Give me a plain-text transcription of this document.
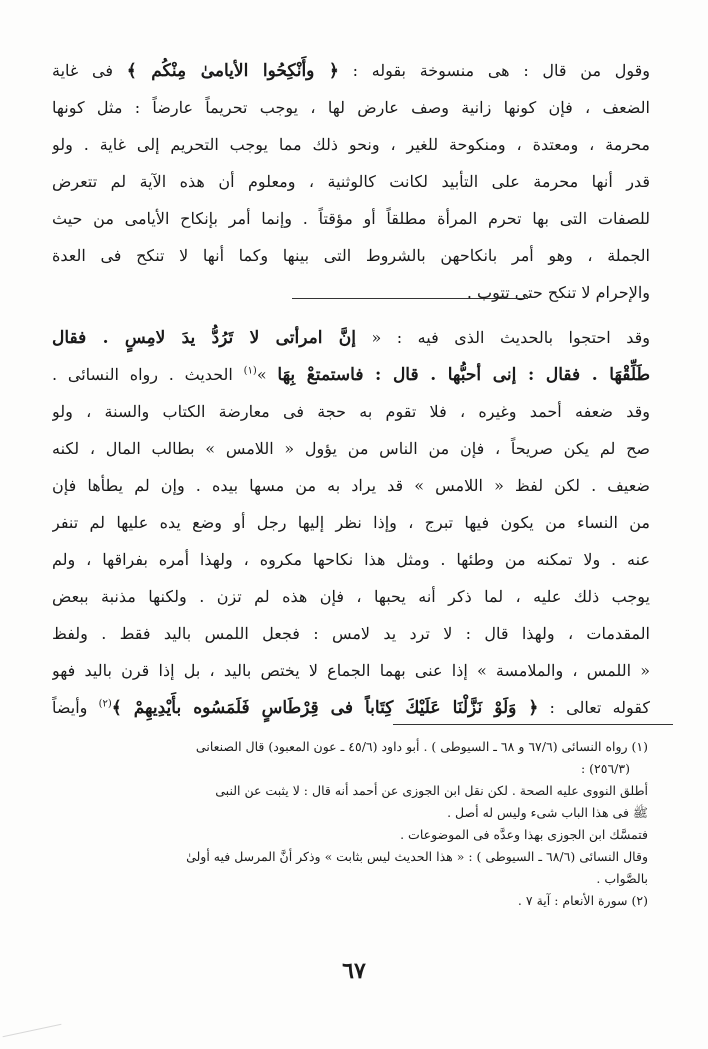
وقول من قال : هى منسوخة بقوله : ﴿ وأَنْكِحُوا الأيامىٰ مِنْكُم ﴾ فى غاية
الضعف ، فإن كونها زانية وصف عارض لها ، يوجب تحريماً عارضاً : مثل كونها
محرمة ، ومعتدة ، ومنكوحة للغير ، ونحو ذلك مما يوجب التحريم إلى غاية . ولو
قدر أنها محرمة على التأبيد لكانت كالوثنية ، ومعلوم أن هذه الآية لم تتعرض
للصفات التى بها تحرم المرأة مطلقاً أو مؤقتاً . وإنما أمر بإنكاح الأيامى من حيث
الجملة ، وهو أمر بانكاحهن بالشروط التى بينها وكما أنها لا تنكح فى العدة
والإحرام لا تنكح حتى تتوب .
وقد احتجوا بالحديث الذى فيه : « إنَّ امرأتى لا تَرُدُّ يدَ لامِسٍ . فقال
طَلِّقْهَا . فقال : إنى أحبُّها . قال : فاستمتعْ بِهَا »$^{(١)}$ الحديث . رواه النسائى .
وقد ضعفه أحمد وغيره ، فلا تقوم به حجة فى معارضة الكتاب والسنة ، ولو
صح لم يكن صريحاً ، فإن من الناس من يؤول « اللامس » بطالب المال ، لكنه
ضعيف . لكن لفظ « اللامس » قد يراد به من مسها بيده . وإن لم يطأها فإن
من النساء من يكون فيها تبرج ، وإذا نظر إليها رجل أو وضع يده عليها لم تنفر
عنه . ولا تمكنه من وطئها . ومثل هذا نكاحها مكروه ، ولهذا أمره بفراقها ، ولم
يوجب ذلك عليه ، لما ذكر أنه يحبها ، فإن هذه لم تزن . ولكنها مذنبة ببعض
المقدمات ، ولهذا قال : لا ترد يد لامس : فجعل اللمس باليد فقط . ولفظ
« اللمس ، والملامسة » إذا عنى بهما الجماع لا يختص باليد ، بل إذا قرن باليد فهو
كقوله تعالى : ﴿ وَلَوْ نَزَّلْنَا عَلَيْكَ كِتَاباً فى قِرْطَاسٍ فَلَمَسُوه بأَيْدِيهِمْ ﴾$^{(٢)}$ وأيضاً
(١) رواه النسائى (٦٧/٦ و ٦٨ ـ السيوطى ) . أبو داود (٤٥/٦ ـ عون المعبود) قال الصنعانى
(٢٥٦/٣) :
أطلق النووى عليه الصحة . لكن نقل ابن الجوزى عن أحمد أنه قال : لا يثبت عن النبى
ﷺ فى هذا الباب شىء وليس له أصل .
فتمسَّك ابن الجوزى بهذا وعدَّه فى الموضوعات .
وقال النسائى (٦٨/٦ ـ السيوطى ) : « هذا الحديث ليس بثابت » وذكر أنَّ المرسل فيه أولىٰ
بالصَّواب .
(٢) سورة الأنعام : آية ٧ .
٦٧
